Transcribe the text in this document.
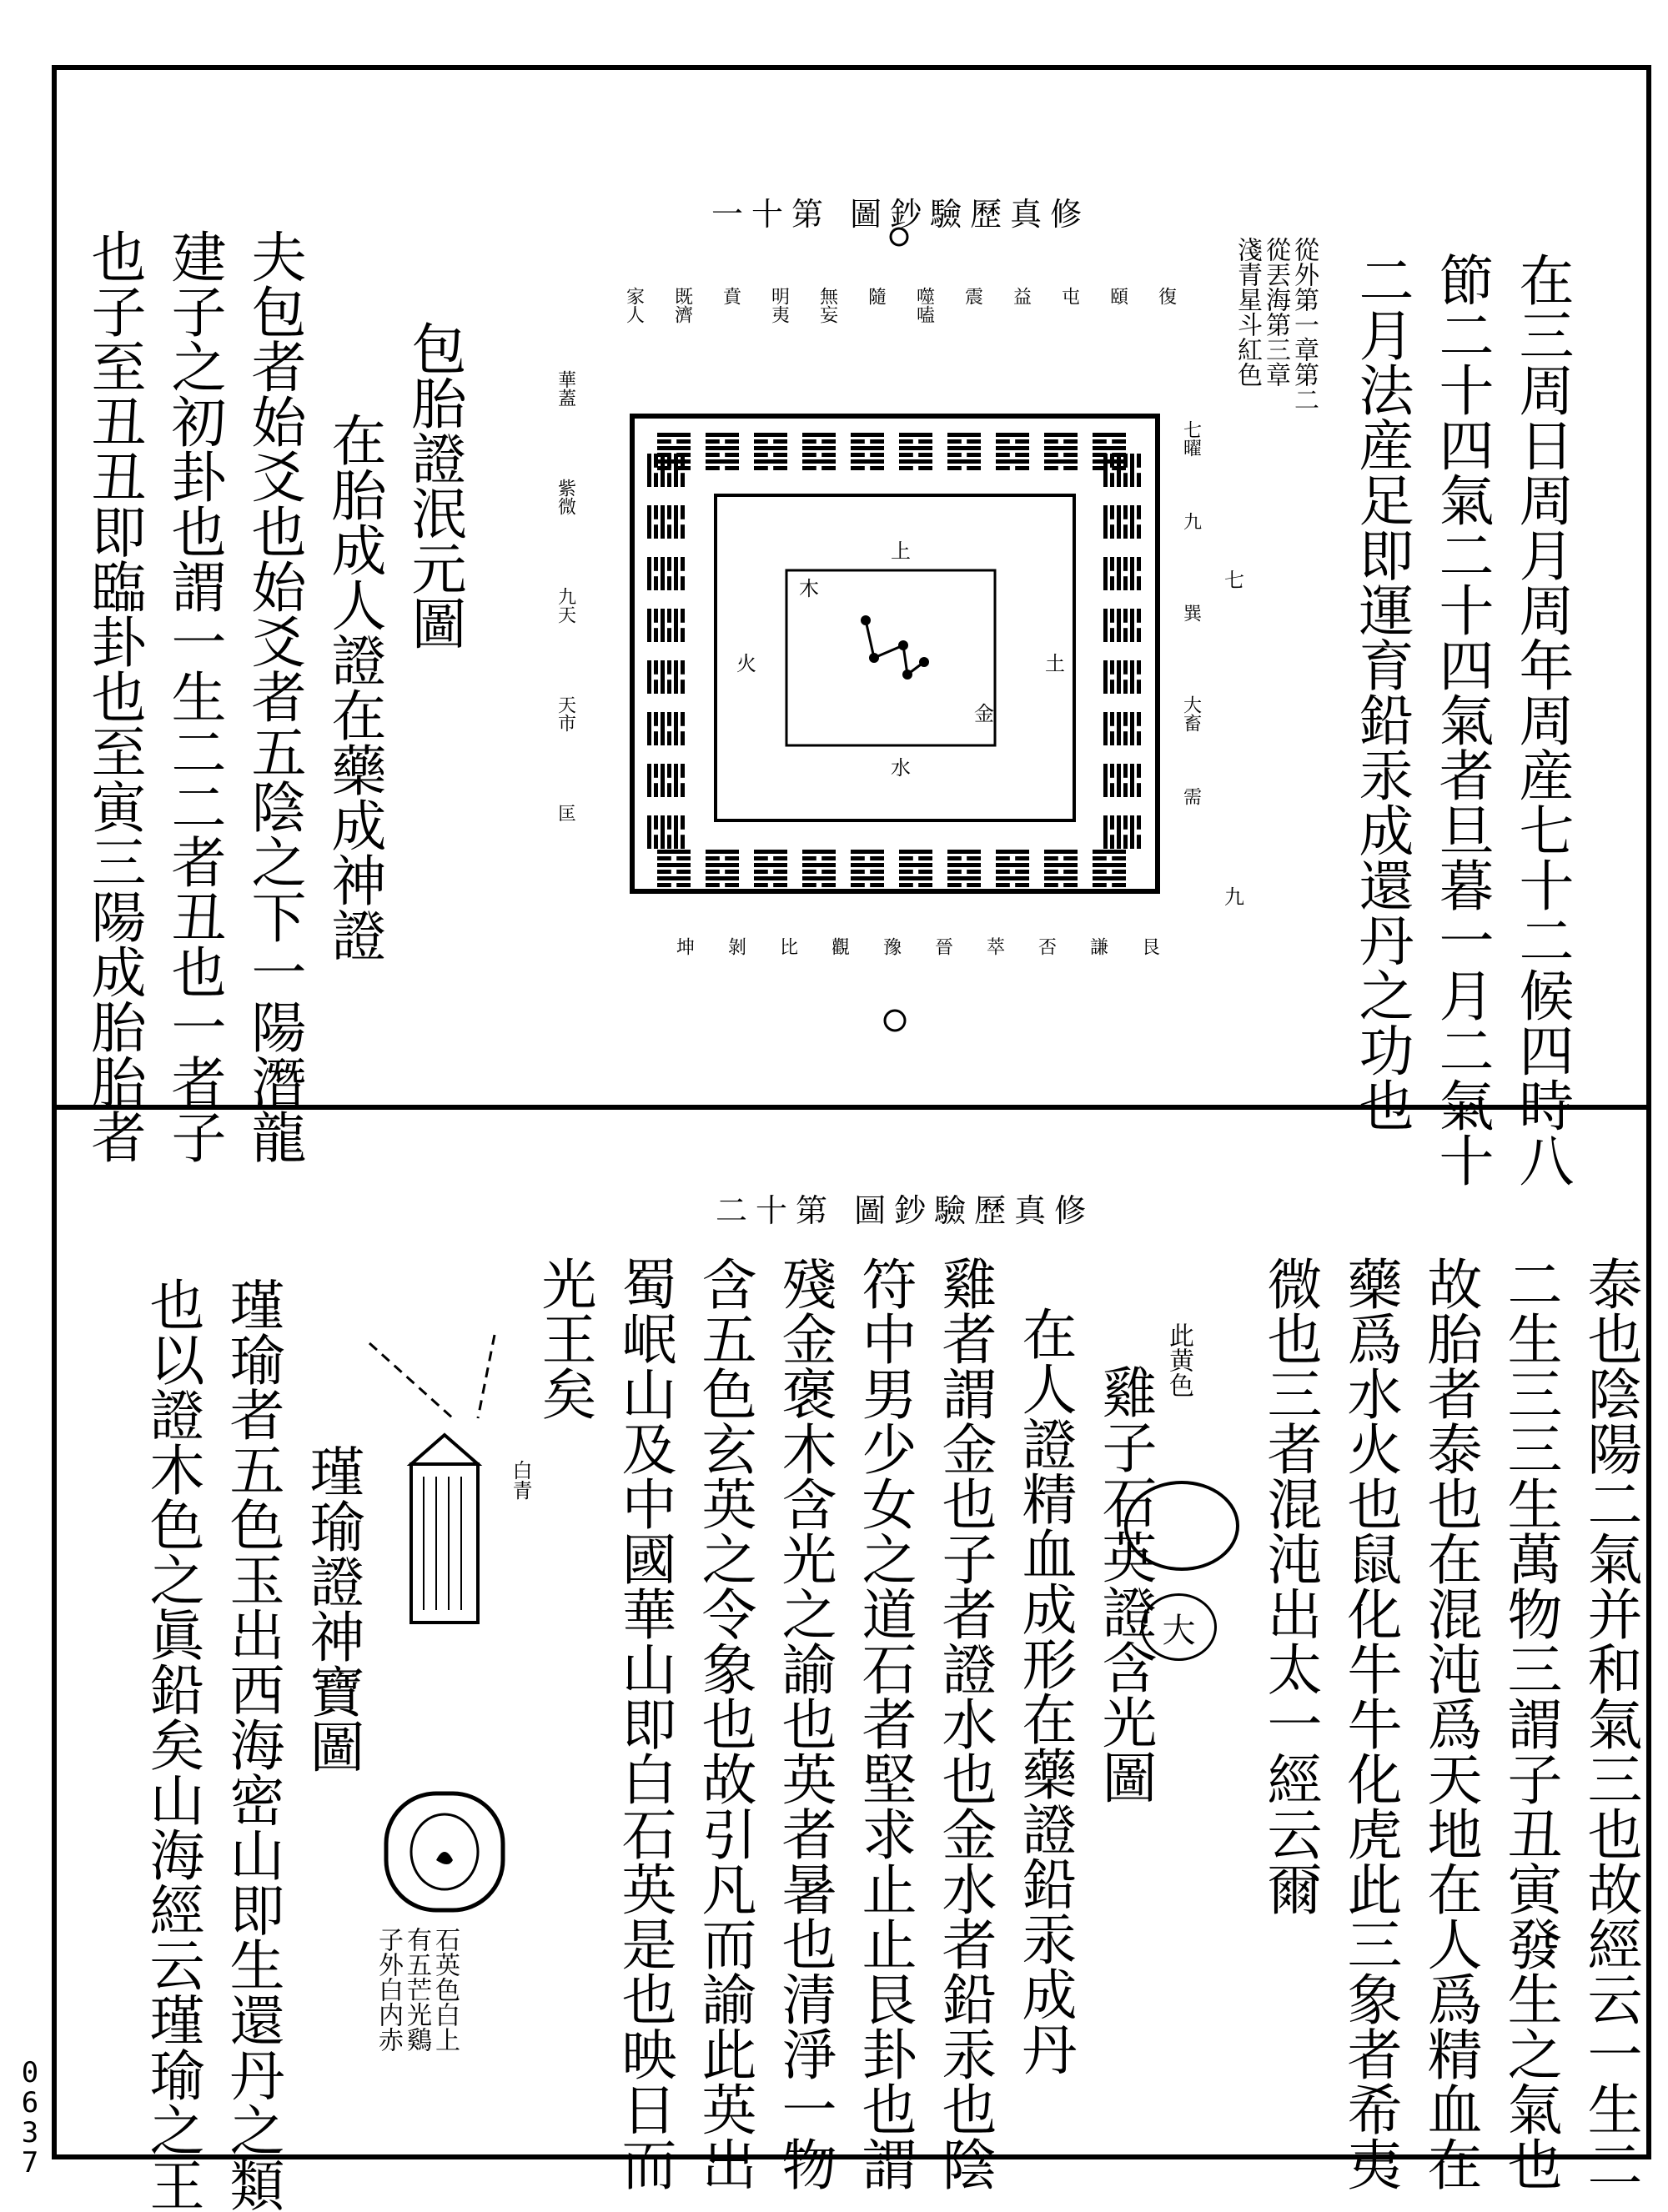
0
6
3
7
修真歷驗鈔圖 第十一
在三周日周月周年周産七十二候四時八
節二十四氣二十四氣者旦暮一月二氣十
二月法産足即運育鉛汞成還丹之功也
從外第一章第二
從丟海第三章
淺青星斗紅色
包胎證泯元圖
在胎成人證在藥成神證
夫包者始爻也始爻者五陰之下一陽潛龍
建子之初卦也謂一生二二者丑也一者子
也子至丑丑即臨卦也至寅三陽成胎胎者	復
頤
屯
益
震
噬嗑
隨
無妄
明夷
賁
既濟
家人
艮
謙
否
萃
晉
豫
觀
比
剝
坤
華蓋
紫微
九天
天市
匡
七曜
九
巽
大畜
需
上
水
火	土
木
金
七
九
修真歷驗鈔圖 第十二
泰也陰陽二氣并和氣三也故經云一生二
二生三三生萬物三謂子丑寅發生之氣也
故胎者泰也在混沌爲天地在人爲精血在
藥爲水火也鼠化牛牛化虎此三象者希夷
微也三者混沌出太一經云爾
此黄色
大
雞子石英證含光圖
在人證精血成形在藥證鉛汞成丹
雞者謂金也子者證水也金水者鉛汞也陰
符中男少女之道石者堅求止止艮卦也謂
殘金褒木含光之諭也英者暑也清淨一物
含五色玄英之令象也故引凡而諭此英出
蜀岷山及中國華山即白石英是也映日而
光王矣
瑾瑜證神寶圖
瑾瑜者五色玉出西海密山即生還丹之類
也以證木色之眞鉛矣山海經云瑾瑜之王	白青
石英色白上
有五芒光鷄
子外白内赤
